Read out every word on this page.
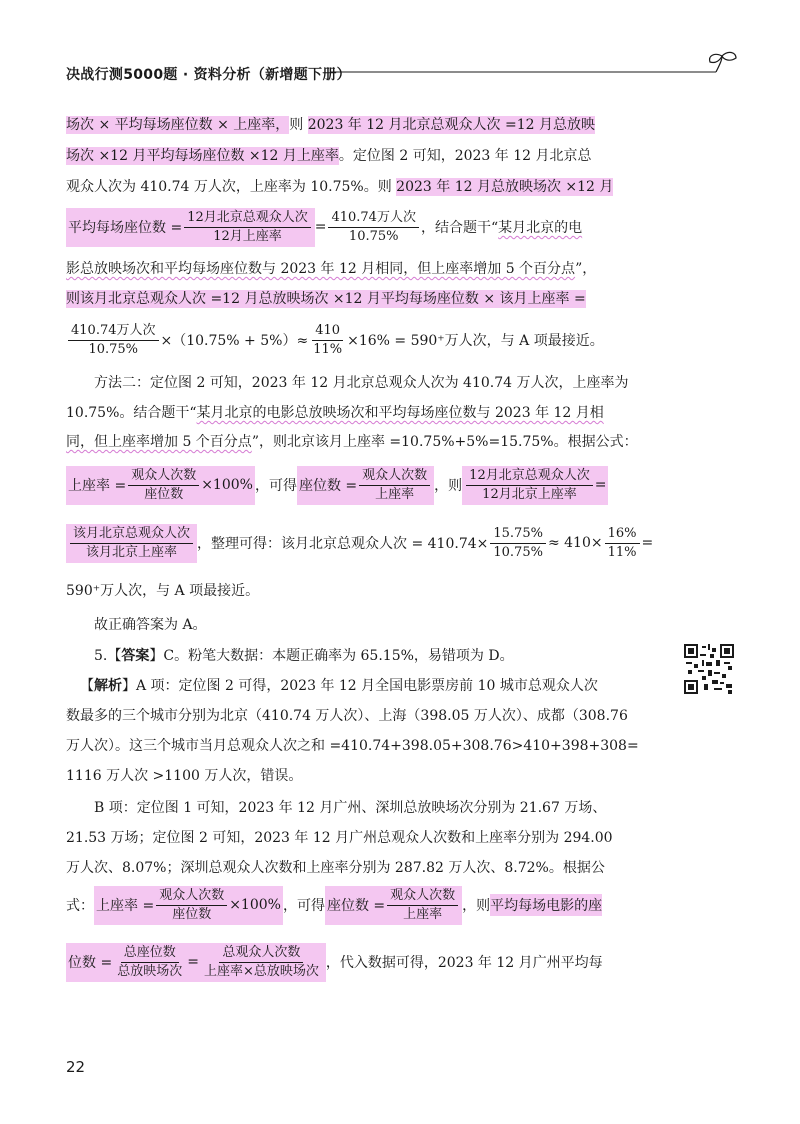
决战行测5000题 · 资料分析（新增题下册）
场次 × 平均每场座位数 × 上座率，则 2023 年 12 月北京总观众人次 =12 月总放映
场次 ×12 月平均每场座位数 ×12 月上座率。定位图 2 可知，2023 年 12 月北京总
观众人次为 410.74 万人次，上座率为 10.75%。则 2023 年 12 月总放映场次 ×12 月
平均每场座位数 = $\frac{\text{12月北京总观众人次}}{\text{12月上座率}} = \frac{\text{410.74万人次}}{10.75\%}$ ，结合题干“ 某月北京的电
影总放映场次和平均每场座位数与 2023 年 12 月相同，但上座率增加 5 个百分点”，
则该月北京总观众人次 =12 月总放映场次 ×12 月平均每场座位数 × 该月上座率 =
$\frac{\text{410.74万人次}}{10.75\%} \times(10.75\% + 5\%)\approx \frac{410}{11\%} \times 16\% = 590^+$万人次，与 A 项最接近。
方法二：定位图 2 可知，2023 年 12 月北京总观众人次为 410.74 万人次，上座率为
10.75%。结合题干“某月北京的电影总放映场次和平均每场座位数与 2023 年 12 月相
同，但上座率增加 5 个百分点”，则北京该月上座率 =10.75%+5%=15.75%。根据公式：
上座率 = $\frac{\text{观众人次数}}{\text{座位数}} \times 100\%$ ，可得 座位数 = $\frac{\text{观众人次数}}{\text{上座率}}$ ，则 $\frac{\text{12月北京总观众人次}}{\text{12月北京上座率}}$ =
$\frac{\text{该月北京总观众人次}}{\text{该月北京上座率}}$ ，整理可得：该月北京总观众人次 = $410.74\times \frac{15.75\%}{10.75\%} \approx 410\times \frac{16\%}{11\%}$ =
590⁺万人次，与 A 项最接近。
故正确答案为 A。
5.【答案】C。粉笔大数据：本题正确率为 65.15%，易错项为 D。
【解析】A 项：定位图 2 可得，2023 年 12 月全国电影票房前 10 城市总观众人次
数最多的三个城市分别为北京（410.74 万人次）、上海（398.05 万人次）、成都（308.76
万人次）。这三个城市当月总观众人次之和 =410.74+398.05+308.76>410+398+308=
1116 万人次 >1100 万人次，错误。
B 项：定位图 1 可知，2023 年 12 月广州、深圳总放映场次分别为 21.67 万场、
21.53 万场；定位图 2 可知，2023 年 12 月广州总观众人次数和上座率分别为 294.00
万人次、8.07%；深圳总观众人次数和上座率分别为 287.82 万人次、8.72%。根据公
式： 上座率 = $\frac{\text{观众人次数}}{\text{座位数}} \times 100\%$ ，可得 座位数 = $\frac{\text{观众人次数}}{\text{上座率}}$ ，则 平均每场电影的座
位数 = $\frac{\text{总座位数}}{\text{总放映场次}} = \frac{\text{总观众人次数}}{\text{上座率×总放映场次}}$ ，代入数据可得，2023 年 12 月广州平均每
22
